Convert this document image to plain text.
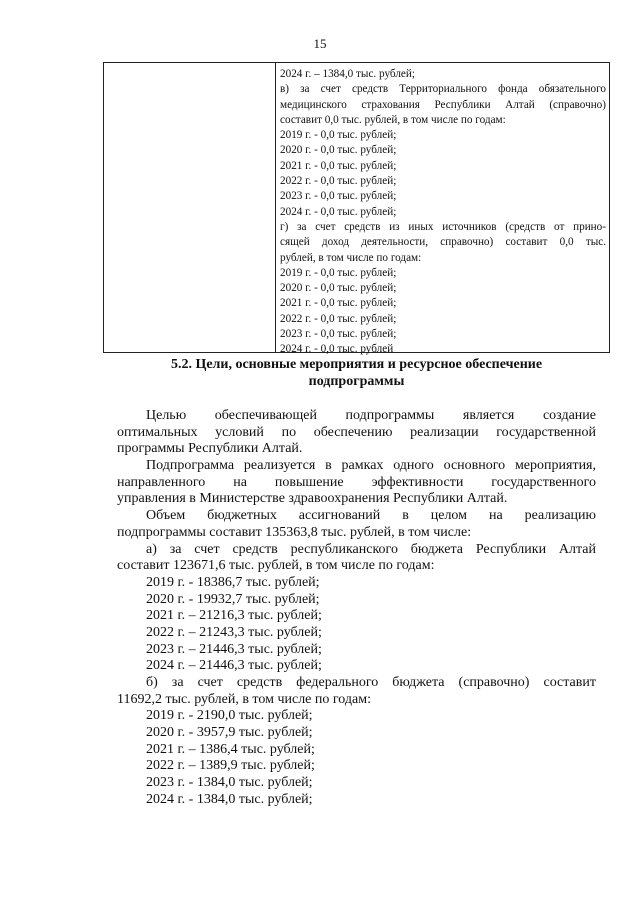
15
2024 г. – 1384,0 тыс. рублей;
в) за счет средств Территориального фонда обязательного
медицинского страхования Республики Алтай (справочно)
составит 0,0 тыс. рублей, в том числе по годам:
2019 г. - 0,0 тыс. рублей;
2020 г. - 0,0 тыс. рублей;
2021 г. - 0,0 тыс. рублей;
2022 г. - 0,0 тыс. рублей;
2023 г. - 0,0 тыс. рублей;
2024 г. - 0,0 тыс. рублей;
г) за счет средств из иных источников (средств от прино-
сящей доход деятельности, справочно) составит 0,0 тыс.
рублей, в том числе по годам:
2019 г. - 0,0 тыс. рублей;
2020 г. - 0,0 тыс. рублей;
2021 г. - 0,0 тыс. рублей;
2022 г. - 0,0 тыс. рублей;
2023 г. - 0,0 тыс. рублей;
2024 г. - 0,0 тыс. рублей
5.2. Цели, основные мероприятия и ресурсное обеспечение
подпрограммы
Целью обеспечивающей подпрограммы является создание
оптимальных условий по обеспечению реализации государственной
программы Республики Алтай.
Подпрограмма реализуется в рамках одного основного мероприятия,
направленного на повышение эффективности государственного
управления в Министерстве здравоохранения Республики Алтай.
Объем бюджетных ассигнований в целом на реализацию
подпрограммы составит 135363,8 тыс. рублей, в том числе:
а) за счет средств республиканского бюджета Республики Алтай
составит 123671,6 тыс. рублей, в том числе по годам:
2019 г. - 18386,7 тыс. рублей;
2020 г. - 19932,7 тыс. рублей;
2021 г. – 21216,3 тыс. рублей;
2022 г. – 21243,3 тыс. рублей;
2023 г. – 21446,3 тыс. рублей;
2024 г. – 21446,3 тыс. рублей;
б) за счет средств федерального бюджета (справочно) составит
11692,2 тыс. рублей, в том числе по годам:
2019 г. - 2190,0 тыс. рублей;
2020 г. - 3957,9 тыс. рублей;
2021 г. – 1386,4 тыс. рублей;
2022 г. – 1389,9 тыс. рублей;
2023 г. - 1384,0 тыс. рублей;
2024 г. - 1384,0 тыс. рублей;
